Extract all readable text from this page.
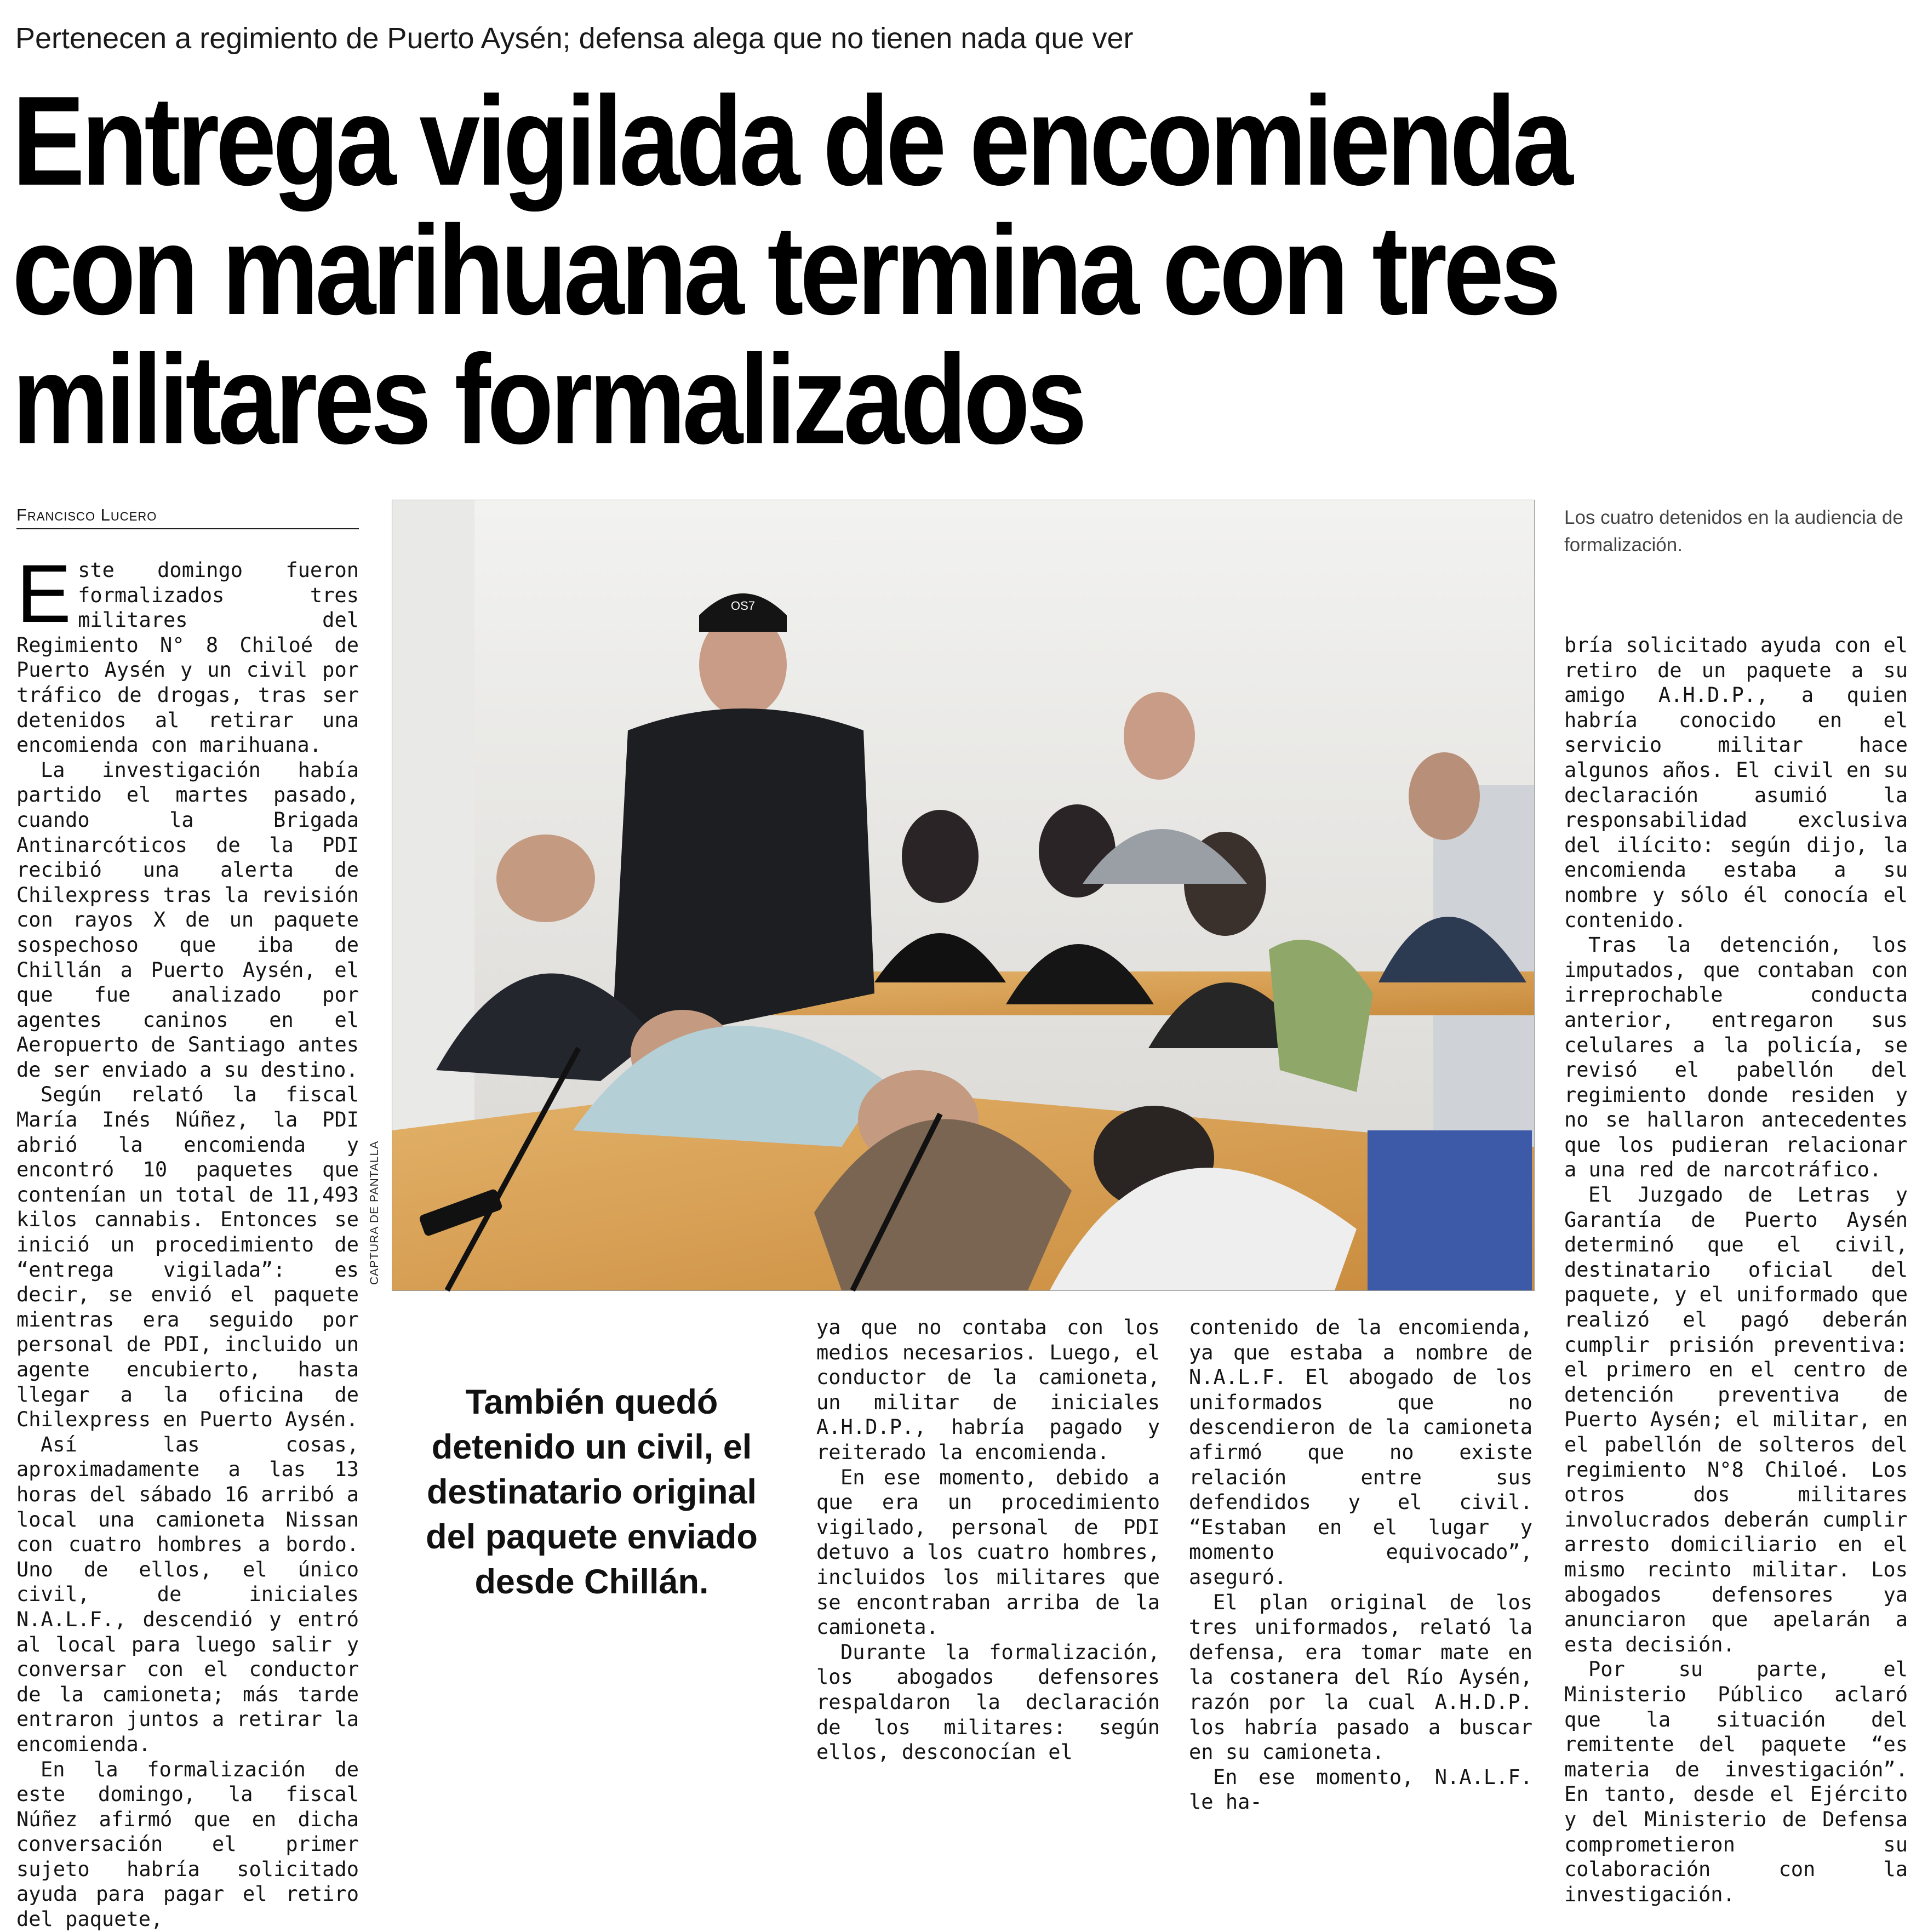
Pertenecen a regimiento de Puerto Aysén; defensa alega que no tienen nada que ver
Entrega vigilada de encomienda
con marihuana termina con tres
militares formalizados
Francisco Lucero

Este domingo fueron formalizados tres militares del Regimiento N° 8 Chiloé de Puerto Aysén y un civil por tráfico de drogas, tras ser detenidos al retirar una encomienda con marihuana.

La investigación había partido el martes pasado, cuando la Brigada Antinarcóticos de la PDI recibió una alerta de Chilexpress tras la revisión con rayos X de un paquete sospechoso que iba de Chillán a Puerto Aysén, el que fue analizado por agentes caninos en el Aeropuerto de Santiago antes de ser enviado a su destino.

Según relató la fiscal María Inés Núñez, la PDI abrió la encomienda y encontró 10 paquetes que contenían un total de 11,493 kilos cannabis. Entonces se inició un procedimiento de “entrega vigilada”: es decir, se envió el paquete mientras era seguido por personal de PDI, incluido un agente encubierto, hasta llegar a la oficina de Chilexpress en Puerto Aysén.

Así las cosas, aproximadamente a las 13 horas del sábado 16 arribó a local una camioneta Nissan con cuatro hombres a bordo. Uno de ellos, el único civil, de iniciales N.A.L.F., descendió y entró al local para luego salir y conversar con el conductor de la camioneta; más tarde entraron juntos a retirar la encomienda.

En la formalización de este domingo, la fiscal Núñez afirmó que en dicha conversación el primer sujeto habría solicitado ayuda para pagar el retiro del paquete,

OS7
CAPTURA DE PANTALLA
Los cuatro detenidos en la audiencia de formalización.

También quedó detenido un civil, el destinatario original del paquete enviado desde Chillán.

ya que no contaba con los medios necesarios. Luego, el conductor de la camioneta, un militar de iniciales A.H.D.P., habría pagado y reiterado la encomienda.

En ese momento, debido a que era un procedimiento vigilado, personal de PDI detuvo a los cuatro hombres, incluidos los militares que se encontraban arriba de la camioneta.

Durante la formalización, los abogados defensores respaldaron la declaración de los militares: según ellos, desconocían el

contenido de la encomienda, ya que estaba a nombre de N.A.L.F. El abogado de los uniformados que no descendieron de la camioneta afirmó que no existe relación entre sus defendidos y el civil. “Estaban en el lugar y momento equivocado”, aseguró.

El plan original de los tres uniformados, relató la defensa, era tomar mate en la costanera del Río Aysén, razón por la cual A.H.D.P. los habría pasado a buscar en su camioneta.

En ese momento, N.A.L.F. le ha-

bría solicitado ayuda con el retiro de un paquete a su amigo A.H.D.P., a quien habría conocido en el servicio militar hace algunos años. El civil en su declaración asumió la responsabilidad exclusiva del ilícito: según dijo, la encomienda estaba a su nombre y sólo él conocía el contenido.

Tras la detención, los imputados, que contaban con irreprochable conducta anterior, entregaron sus celulares a la policía, se revisó el pabellón del regimiento donde residen y no se hallaron antecedentes que los pudieran relacionar a una red de narcotráfico.

El Juzgado de Letras y Garantía de Puerto Aysén determinó que el civil, destinatario oficial del paquete, y el uniformado que realizó el pagó deberán cumplir prisión preventiva: el primero en el centro de detención preventiva de Puerto Aysén; el militar, en el pabellón de solteros del regimiento N°8 Chiloé. Los otros dos militares involucrados deberán cumplir arresto domiciliario en el mismo recinto militar. Los abogados defensores ya anunciaron que apelarán a esta decisión.

Por su parte, el Ministerio Público aclaró que la situación del remitente del paquete “es materia de investigación”. En tanto, desde el Ejército y del Ministerio de Defensa comprometieron su colaboración con la investigación.
